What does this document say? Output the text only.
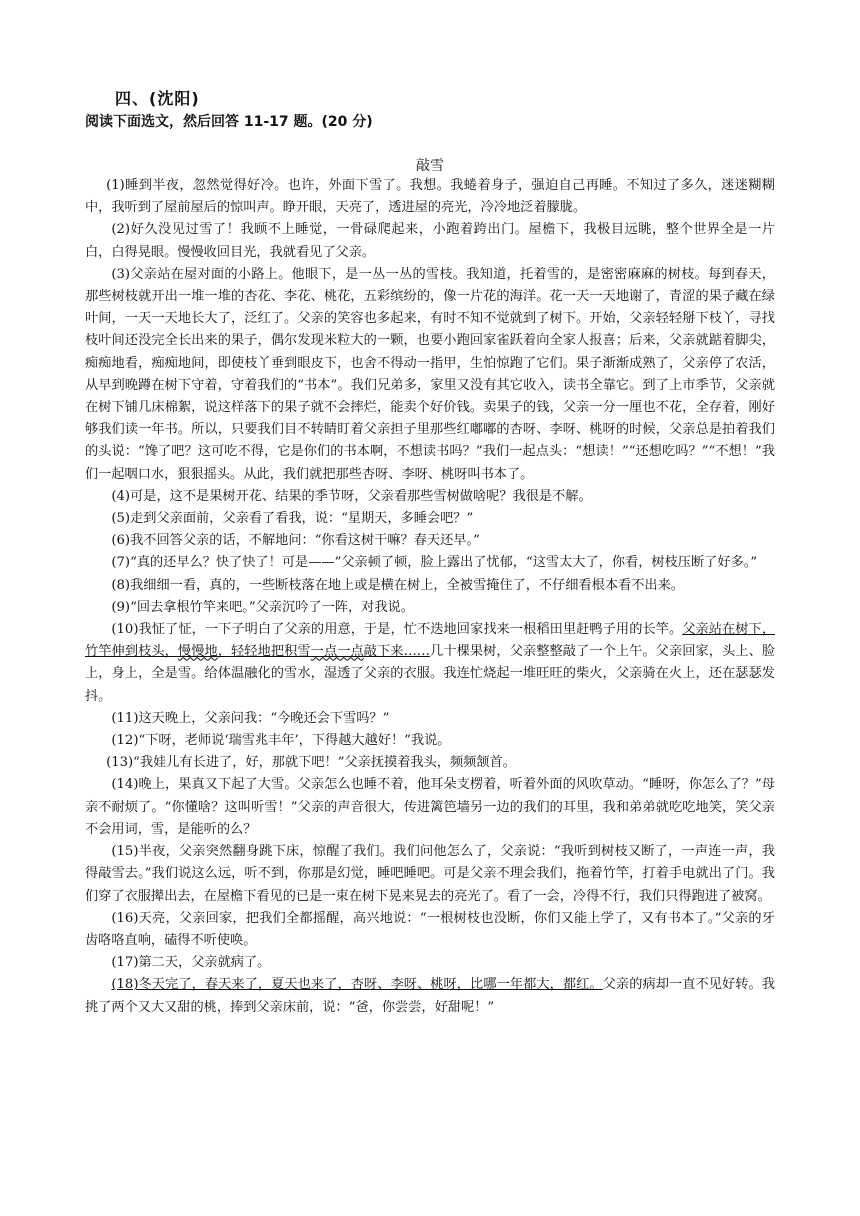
四、(沈阳)
阅读下面选文，然后回答 11-17 题。(20 分)
敲雪

(1)睡到半夜，忽然觉得好冷。也许，外面下雪了。我想。我蜷着身子，强迫自己再睡。不知过了多久，迷迷糊糊中，我听到了屋前屋后的惊叫声。睁开眼，天亮了，透进屋的亮光，冷冷地泛着朦胧。

(2)好久没见过雪了！我顾不上睡觉，一骨碌爬起来，小跑着跨出门。屋檐下，我极目远眺，整个世界全是一片白，白得晃眼。慢慢收回目光，我就看见了父亲。

(3)父亲站在屋对面的小路上。他眼下，是一丛一丛的雪枝。我知道，托着雪的，是密密麻麻的树枝。每到春天，那些树枝就开出一堆一堆的杏花、李花、桃花，五彩缤纷的，像一片花的海洋。花一天一天地谢了，青涩的果子藏在绿叶间，一天一天地长大了，泛红了。父亲的笑容也多起来，有时不知不觉就到了树下。开始，父亲轻轻掰下枝丫，寻找枝叶间还没完全长出来的果子，偶尔发现米粒大的一颗，也要小跑回家雀跃着向全家人报喜；后来，父亲就踮着脚尖，痴痴地看，痴痴地间，即使枝丫垂到眼皮下，也舍不得动一指甲，生怕惊跑了它们。果子渐渐成熟了，父亲停了农活，从早到晚蹲在树下守着，守着我们的“书本”。我们兄弟多，家里又没有其它收入，读书全靠它。到了上市季节，父亲就在树下铺几床棉絮，说这样落下的果子就不会摔烂，能卖个好价钱。卖果子的钱，父亲一分一厘也不花，全存着，刚好够我们读一年书。所以，只要我们目不转睛盯着父亲担子里那些红嘟嘟的杏呀、李呀、桃呀的时候，父亲总是拍着我们的头说：“馋了吧？这可吃不得，它是你们的书本啊，不想读书吗？”我们一起点头：“想读！”“还想吃吗？”“不想！”我们一起咽口水，狠狠摇头。从此，我们就把那些杏呀、李呀、桃呀叫书本了。

(4)可是，这不是果树开花、结果的季节呀，父亲看那些雪树做啥呢？我很是不解。

(5)走到父亲面前，父亲看了看我，说：“星期天，多睡会吧？”

(6)我不回答父亲的话，不解地问：“你看这树干嘛？春天还早。”

(7)“真的还早么？快了快了！可是——”父亲顿了顿，脸上露出了忧郁，“这雪太大了，你看，树枝压断了好多。”

(8)我细细一看，真的，一些断枝落在地上或是横在树上，全被雪掩住了，不仔细看根本看不出来。

(9)“回去拿根竹竿来吧。”父亲沉吟了一阵，对我说。

(10)我怔了怔，一下子明白了父亲的用意，于是，忙不迭地回家找来一根稻田里赶鸭子用的长竿。父亲站在树下，竹竿伸到枝头，慢慢地，轻轻地把积雪一点一点敲下来……几十棵果树，父亲整整敲了一个上午。父亲回家，头上、脸上，身上，全是雪。给体温融化的雪水，湿透了父亲的衣服。我连忙烧起一堆旺旺的柴火，父亲骑在火上，还在瑟瑟发抖。

(11)这天晚上，父亲问我：“今晚还会下雪吗？”

(12)“下呀，老师说‘瑞雪兆丰年’，下得越大越好！”我说。

(13)“我娃儿有长进了，好，那就下吧！”父亲抚摸着我头，频频颔首。

(14)晚上，果真又下起了大雪。父亲怎么也睡不着，他耳朵支楞着，听着外面的风吹草动。“睡呀，你怎么了？”母亲不耐烦了。“你懂啥？这叫听雪！”父亲的声音很大，传进篱笆墙另一边的我们的耳里，我和弟弟就吃吃地笑，笑父亲不会用词，雪，是能听的么？

(15)半夜，父亲突然翻身跳下床，惊醒了我们。我们问他怎么了，父亲说：“我听到树枝又断了，一声连一声，我得敲雪去。”我们说这么远，听不到，你那是幻觉，睡吧睡吧。可是父亲不理会我们，拖着竹竿，打着手电就出了门。我们穿了衣服撵出去，在屋檐下看见的已是一束在树下晃来晃去的亮光了。看了一会，冷得不行，我们只得跑进了被窝。

(16)天亮，父亲回家，把我们全都摇醒，高兴地说：“一根树枝也没断，你们又能上学了，又有书本了。”父亲的牙齿咯咯直响，磕得不听使唤。

(17)第二天，父亲就病了。

(18)冬天完了，春天来了，夏天也来了，杏呀、李呀、桃呀，比哪一年都大，都红。父亲的病却一直不见好转。我挑了两个又大又甜的桃，捧到父亲床前，说：“爸，你尝尝，好甜呢！”
